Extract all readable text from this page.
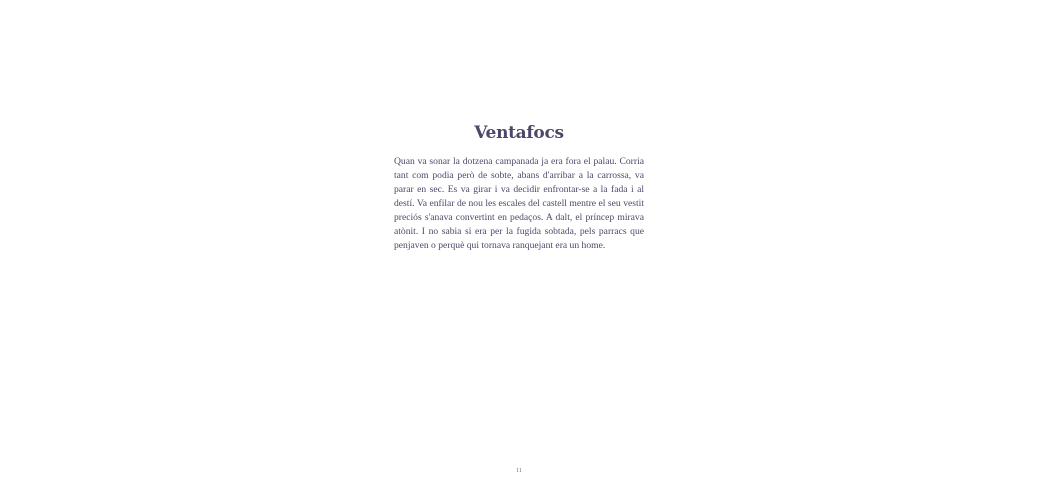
Ventafocs

Quan va sonar la dotzena campanada ja era fora el palau. Corria tant com podia però de sobte, abans d'arribar a la carrossa, va parar en sec. Es va girar i va decidir enfrontar-se a la fada i al destí. Va enfilar de nou les escales del castell mentre el seu vestit preciós s'anava convertint en pedaços. A dalt, el príncep mirava atònit. I no sabia si era per la fugida sobtada, pels parracs que penjaven o perquè qui tornava ranquejant era un home.

11
